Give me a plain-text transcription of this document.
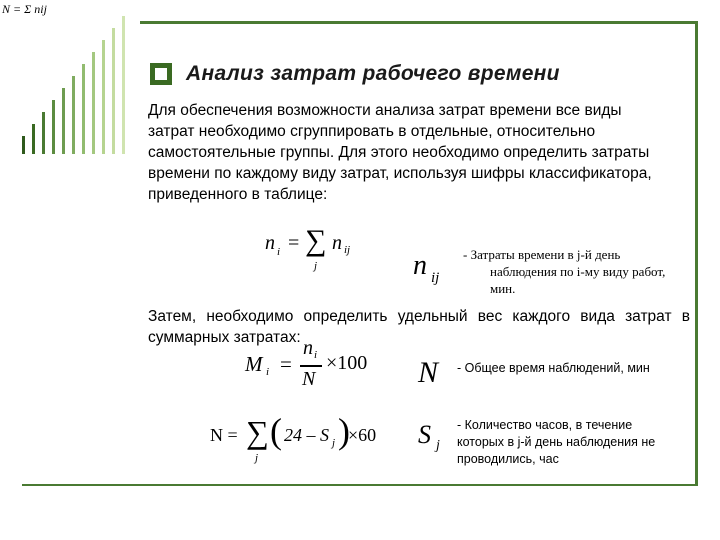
N = Σ nij
Анализ затрат рабочего времени
Для обеспечения возможности анализа затрат времени все виды затрат необходимо сгруппировать в отдельные, относительно самостоятельные группы. Для этого необходимо определить затраты времени по каждому виду затрат, используя шифры классификатора, приведенного в таблице:
n i = ∑
j
n ij n ij
- Затраты времени в j-й день
наблюдения по i-му виду работ,
мин.
Затем, необходимо определить удельный вес каждого вида затрат в суммарных затратах:
M i =
n i
N
×100 N - Общее время наблюдений, мин
N = ∑
j
( 24 – S j )
×60 S j
- Количество часов, в течение
которых в j-й день наблюдения не
проводились, час
